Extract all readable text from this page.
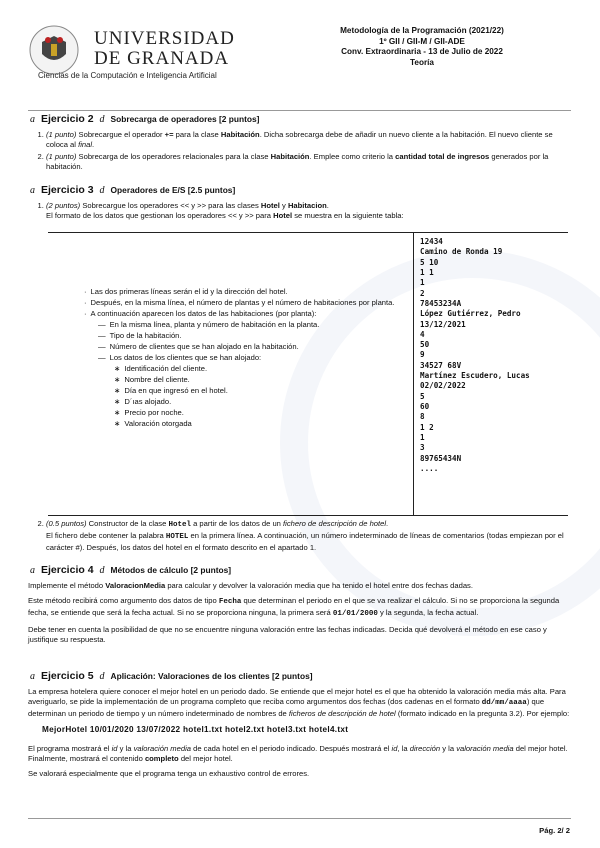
UNIVERSIDAD
DE GRANADA
Ciencias de la Computación e Inteligencia Artificial
Metodología de la Programación (2021/22)
1º GII / GII-M / GII-ADE
Conv. Extraordinaria - 13 de Julio de 2022
Teoría
a Ejercicio 2 d Sobrecarga de operadores [2 puntos]
1. (1 punto) Sobrecargue el operador += para la clase Habitación. Dicha sobrecarga debe de añadir un nuevo cliente a la habitación. El nuevo cliente se coloca al final.
2. (1 punto) Sobrecarga de los operadores relacionales para la clase Habitación. Emplee como criterio la cantidad total de ingresos generados por la habitación.
a Ejercicio 3 d Operadores de E/S [2.5 puntos]
1. (2 puntos) Sobrecargue los operadores << y >> para las clases Hotel y Habitacion.
El formato de los datos que gestionan los operadores << y >> para Hotel se muestra en la siguiente tabla:
· Las dos primeras líneas serán el id y la dirección del hotel.
· Después, en la misma línea, el número de plantas y el número de habitaciones por planta.
· A continuación aparecen los datos de las habitaciones (por planta):
— En la misma línea, planta y número de habitación en la planta.
— Tipo de la habitación.
— Número de clientes que se han alojado en la habitación.
— Los datos de los clientes que se han alojado:
∗ Identificación del cliente.
∗ Nombre del cliente.
∗ Día en que ingresó en el hotel.
∗ D´ıas alojado.
∗ Precio por noche.
∗ Valoración otorgada
12434
Camino de Ronda 19
5 10
1 1
1
2
78453234A
López Gutiérrez, Pedro
13/12/2021
4
50
9
34527 68V
Martínez Escudero, Lucas
02/02/2022
5
60
8
1 2
1
3
89765434N
....
2. (0.5 puntos) Constructor de la clase Hotel a partir de los datos de un fichero de descripción de hotel.
El fichero debe contener la palabra HOTEL en la primera línea. A continuación, un número indeterminado de líneas de comentarios (todas empiezan por el carácter #). Después, los datos del hotel en el formato descrito en el apartado 1.
a Ejercicio 4 d Métodos de cálculo [2 puntos]

Implemente el método ValoracionMedia para calcular y devolver la valoración media que ha tenido el hotel entre dos fechas dadas.

Este método recibirá como argumento dos datos de tipo Fecha que determinan el periodo en el que se va realizar el cálculo. Si no se proporciona la segunda fecha, se entiende que será la fecha actual. Si no se proporciona ninguna, la primera será 01/01/2000 y la segunda, la fecha actual.

Debe tener en cuenta la posibilidad de que no se encuentre ninguna valoración entre las fechas indicadas. Decida qué devolverá el método en ese caso y justifique su respuesta.

a Ejercicio 5 d Aplicación: Valoraciones de los clientes [2 puntos]

La empresa hotelera quiere conocer el mejor hotel en un periodo dado. Se entiende que el mejor hotel es el que ha obtenido la valoración media más alta. Para averiguarlo, se pide la implementación de un programa completo que reciba como argumentos dos fechas (dos cadenas en el formato dd/mm/aaaa) que determinan un periodo de tiempo y un número indeterminado de nombres de ficheros de descripción de hotel (formato indicado en la pregunta 3.2). Por ejemplo:

MejorHotel 10/01/2020 13/07/2022 hotel1.txt hotel2.txt hotel3.txt hotel4.txt

El programa mostrará el id y la valoración media de cada hotel en el periodo indicado. Después mostrará el id, la dirección y la valoración media del mejor hotel. Finalmente, mostrará el contenido completo del mejor hotel.

Se valorará especialmente que el programa tenga un exhaustivo control de errores.

Pág. 2/ 2
